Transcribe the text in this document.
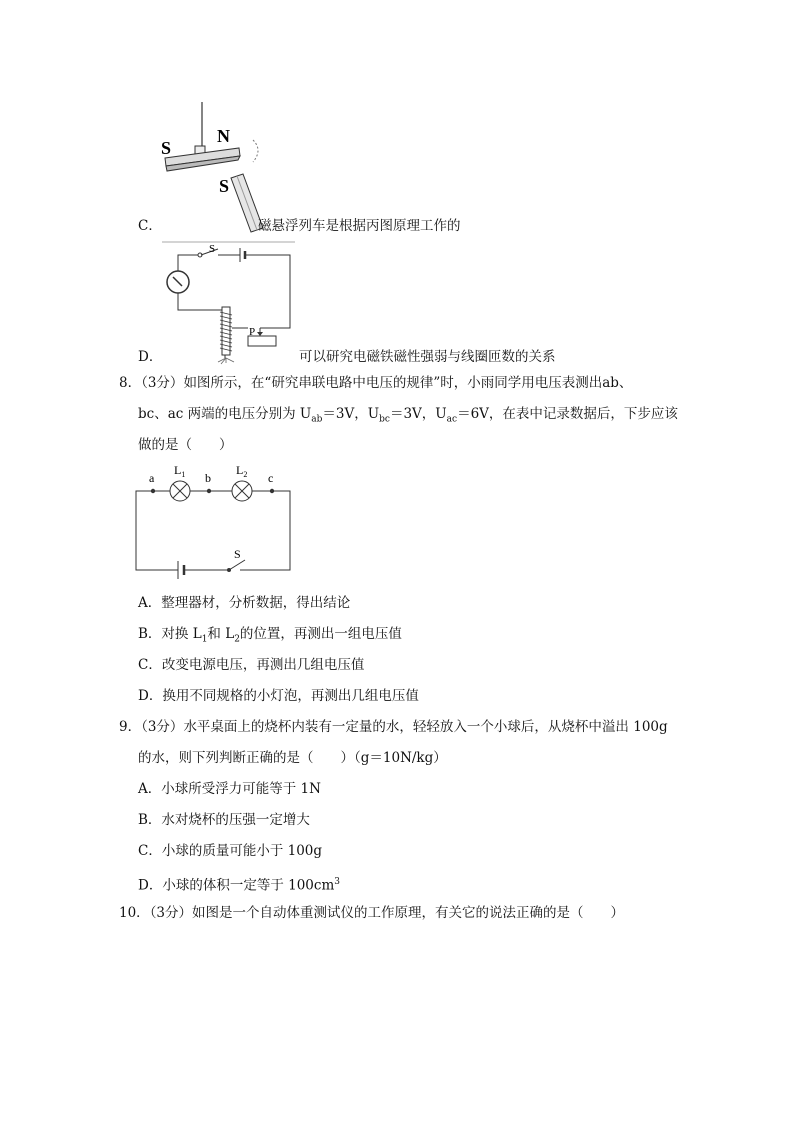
S
N
S
C．	磁悬浮列车是根据丙图原理工作的
S
P
D．	可以研究电磁铁磁性强弱与线圈匝数的关系
8．（3分）如图所示，在“研究串联电路中电压的规律”时，小雨同学用电压表测出ab、
bc、ac 两端的电压分别为 $U_{ab}=3V$，$U_{bc}=3V$，$U_{ac}=6V$，在表中记录数据后，下步应该
做的是（　　）
a	b	c
$L_1$	$L_2$
S
A．整理器材，分析数据，得出结论
B．对换 $L_1$和 $L_2$的位置，再测出一组电压值
C．改变电源电压，再测出几组电压值
D．换用不同规格的小灯泡，再测出几组电压值
9．（3分）水平桌面上的烧杯内装有一定量的水，轻轻放入一个小球后，从烧杯中溢出 100g
的水，则下列判断正确的是（　　）（g＝10N/kg）
A．小球所受浮力可能等于 1N
B．水对烧杯的压强一定增大
C．小球的质量可能小于 100g
D．小球的体积一定等于 $100cm^3$
10．（3分）如图是一个自动体重测试仪的工作原理，有关它的说法正确的是（　　）
